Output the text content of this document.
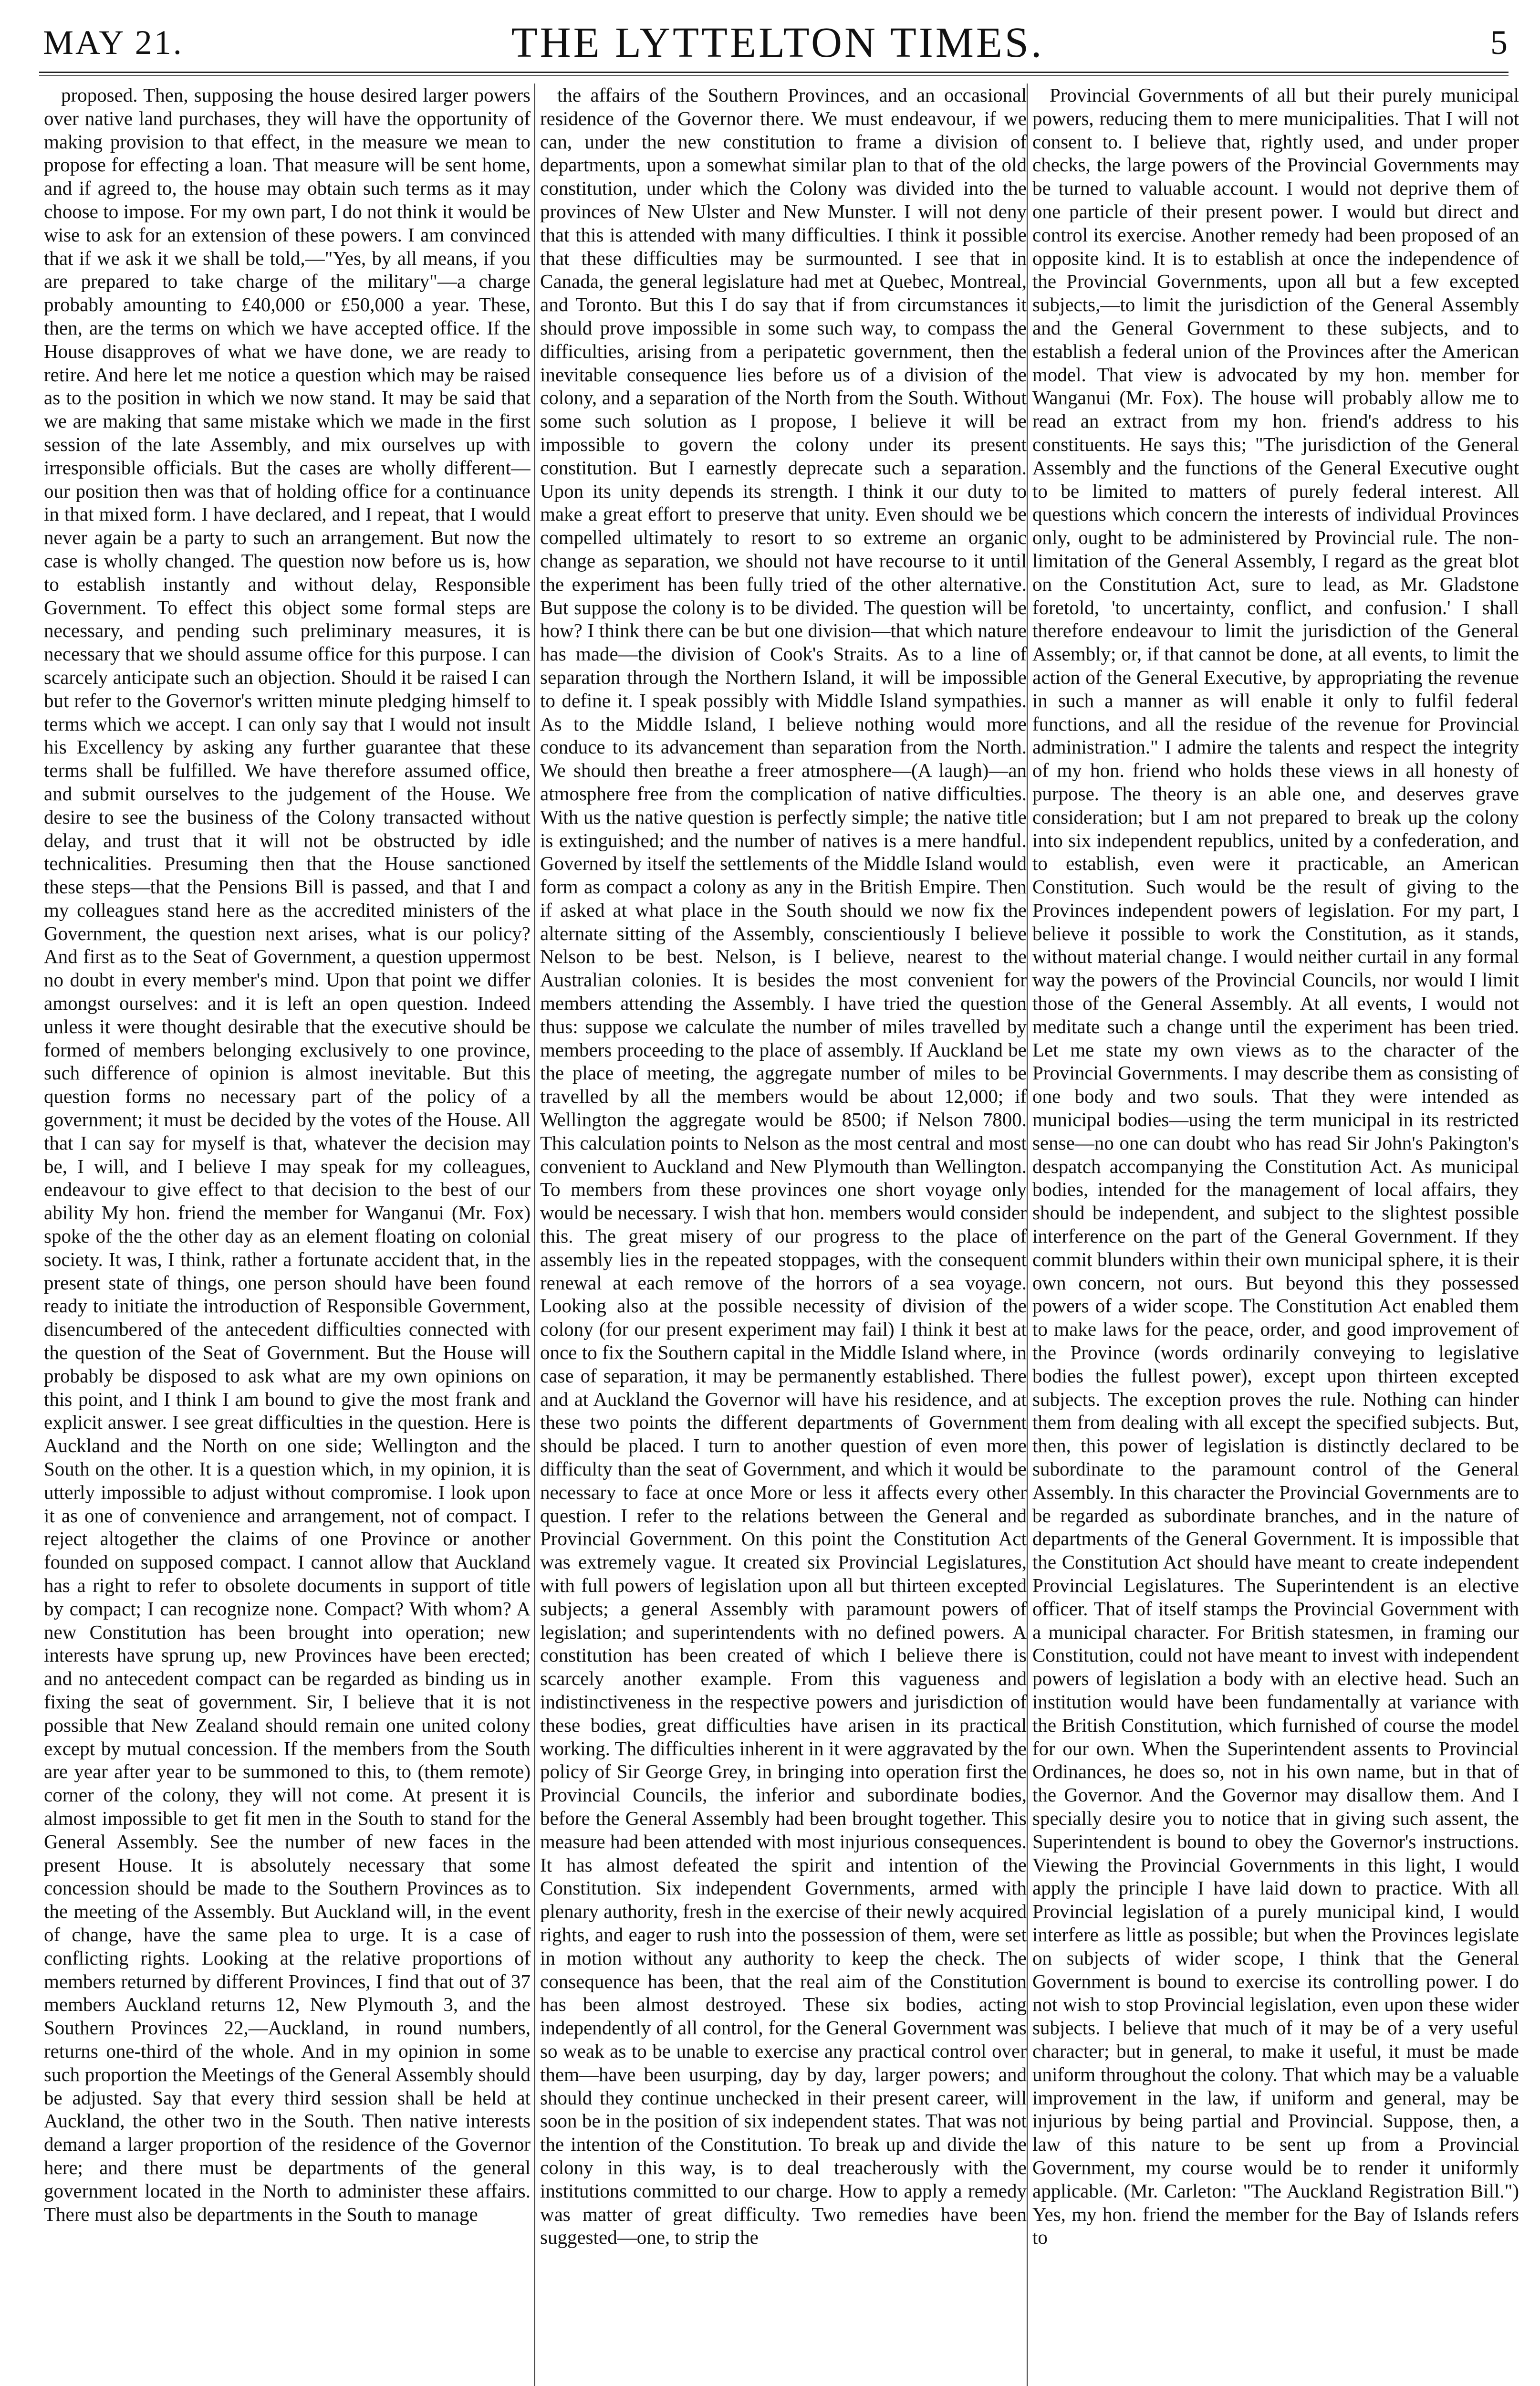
MAY 21.	THE LYTTELTON TIMES.	5

proposed. Then, supposing the house desired larger powers over native land purchases, they will have the opportunity of making provision to that effect, in the measure we mean to propose for effecting a loan. That measure will be sent home, and if agreed to, the house may obtain such terms as it may choose to impose. For my own part, I do not think it would be wise to ask for an extension of these powers. I am convinced that if we ask it we shall be told,—"Yes, by all means, if you are prepared to take charge of the military"—a charge probably amounting to £40,000 or £50,000 a year. These, then, are the terms on which we have accepted office. If the House disapproves of what we have done, we are ready to retire. And here let me notice a question which may be raised as to the position in which we now stand. It may be said that we are making that same mistake which we made in the first session of the late Assembly, and mix ourselves up with irresponsible officials. But the cases are wholly different—our position then was that of holding office for a continuance in that mixed form. I have declared, and I repeat, that I would never again be a party to such an arrangement. But now the case is wholly changed. The question now before us is, how to establish instantly and without delay, Responsible Government. To effect this object some formal steps are necessary, and pending such preliminary measures, it is necessary that we should assume office for this purpose. I can scarcely anticipate such an objection. Should it be raised I can but refer to the Governor's written minute pledging himself to terms which we accept. I can only say that I would not insult his Excellency by asking any further guarantee that these terms shall be fulfilled. We have therefore assumed office, and submit ourselves to the judgement of the House. We desire to see the business of the Colony transacted without delay, and trust that it will not be obstructed by idle technicalities. Presuming then that the House sanctioned these steps—that the Pensions Bill is passed, and that I and my colleagues stand here as the accredited ministers of the Government, the question next arises, what is our policy? And first as to the Seat of Government, a question uppermost no doubt in every member's mind. Upon that point we differ amongst ourselves: and it is left an open question. Indeed unless it were thought desirable that the executive should be formed of members belonging exclusively to one province, such difference of opinion is almost inevitable. But this question forms no necessary part of the policy of a government; it must be decided by the votes of the House. All that I can say for myself is that, whatever the decision may be, I will, and I believe I may speak for my colleagues, endeavour to give effect to that decision to the best of our ability My hon. friend the member for Wanganui (Mr. Fox) spoke of the the other day as an element floating on colonial society. It was, I think, rather a fortunate accident that, in the present state of things, one person should have been found ready to initiate the introduction of Responsible Government, disencumbered of the antecedent difficulties connected with the question of the Seat of Government. But the House will probably be disposed to ask what are my own opinions on this point, and I think I am bound to give the most frank and explicit answer. I see great difficulties in the question. Here is Auckland and the North on one side; Wellington and the South on the other. It is a question which, in my opinion, it is utterly impossible to adjust without compromise. I look upon it as one of convenience and arrangement, not of compact. I reject altogether the claims of one Province or another founded on supposed compact. I cannot allow that Auckland has a right to refer to obsolete documents in support of title by compact; I can recognize none. Compact? With whom? A new Constitution has been brought into operation; new interests have sprung up, new Provinces have been erected; and no antecedent compact can be regarded as binding us in fixing the seat of government. Sir, I believe that it is not possible that New Zealand should remain one united colony except by mutual concession. If the members from the South are year after year to be summoned to this, to (them remote) corner of the colony, they will not come. At present it is almost impossible to get fit men in the South to stand for the General Assembly. See the number of new faces in the present House. It is absolutely necessary that some concession should be made to the Southern Provinces as to the meeting of the Assembly. But Auckland will, in the event of change, have the same plea to urge. It is a case of conflicting rights. Looking at the relative proportions of members returned by different Provinces, I find that out of 37 members Auckland returns 12, New Plymouth 3, and the Southern Provinces 22,—Auckland, in round numbers, returns one-third of the whole. And in my opinion in some such proportion the Meetings of the General Assembly should be adjusted. Say that every third session shall be held at Auckland, the other two in the South. Then native interests demand a larger proportion of the residence of the Governor here; and there must be departments of the general government located in the North to administer these affairs. There must also be departments in the South to manage

the affairs of the Southern Provinces, and an occasional residence of the Governor there. We must endeavour, if we can, under the new constitution to frame a division of departments, upon a somewhat similar plan to that of the old constitution, under which the Colony was divided into the provinces of New Ulster and New Munster. I will not deny that this is attended with many difficulties. I think it possible that these difficulties may be surmounted. I see that in Canada, the general legislature had met at Quebec, Montreal, and Toronto. But this I do say that if from circumstances it should prove impossible in some such way, to compass the difficulties, arising from a peripatetic government, then the inevitable consequence lies before us of a division of the colony, and a separation of the North from the South. Without some such solution as I propose, I believe it will be impossible to govern the colony under its present constitution. But I earnestly deprecate such a separation. Upon its unity depends its strength. I think it our duty to make a great effort to preserve that unity. Even should we be compelled ultimately to resort to so extreme an organic change as separation, we should not have recourse to it until the experiment has been fully tried of the other alternative. But suppose the colony is to be divided. The question will be how? I think there can be but one division—that which nature has made—the division of Cook's Straits. As to a line of separation through the Northern Island, it will be impossible to define it. I speak possibly with Middle Island sympathies. As to the Middle Island, I believe nothing would more conduce to its advancement than separation from the North. We should then breathe a freer atmosphere—(A laugh)—an atmosphere free from the complication of native difficulties. With us the native question is perfectly simple; the native title is extinguished; and the number of natives is a mere handful. Governed by itself the settlements of the Middle Island would form as compact a colony as any in the British Empire. Then if asked at what place in the South should we now fix the alternate sitting of the Assembly, conscientiously I believe Nelson to be best. Nelson, is I believe, nearest to the Australian colonies. It is besides the most convenient for members attending the Assembly. I have tried the question thus: suppose we calculate the number of miles travelled by members proceeding to the place of assembly. If Auckland be the place of meeting, the aggregate number of miles to be travelled by all the members would be about 12,000; if Wellington the aggregate would be 8500; if Nelson 7800. This calculation points to Nelson as the most central and most convenient to Auckland and New Plymouth than Wellington. To members from these provinces one short voyage only would be necessary. I wish that hon. members would consider this. The great misery of our progress to the place of assembly lies in the repeated stoppages, with the consequent renewal at each remove of the horrors of a sea voyage. Looking also at the possible necessity of division of the colony (for our present experiment may fail) I think it best at once to fix the Southern capital in the Middle Island where, in case of separation, it may be permanently established. There and at Auckland the Governor will have his residence, and at these two points the different departments of Government should be placed. I turn to another question of even more difficulty than the seat of Government, and which it would be necessary to face at once More or less it affects every other question. I refer to the relations between the General and Provincial Government. On this point the Constitution Act was extremely vague. It created six Provincial Legislatures, with full powers of legislation upon all but thirteen excepted subjects; a general Assembly with paramount powers of legislation; and superintendents with no defined powers. A constitution has been created of which I believe there is scarcely another example. From this vagueness and indistinctiveness in the respective powers and jurisdiction of these bodies, great difficulties have arisen in its practical working. The difficulties inherent in it were aggravated by the policy of Sir George Grey, in bringing into operation first the Provincial Councils, the inferior and subordinate bodies, before the General Assembly had been brought together. This measure had been attended with most injurious consequences. It has almost defeated the spirit and intention of the Constitution. Six independent Governments, armed with plenary authority, fresh in the exercise of their newly acquired rights, and eager to rush into the possession of them, were set in motion without any authority to keep the check. The consequence has been, that the real aim of the Constitution has been almost destroyed. These six bodies, acting independently of all control, for the General Government was so weak as to be unable to exercise any practical control over them—have been usurping, day by day, larger powers; and should they continue unchecked in their present career, will soon be in the position of six independent states. That was not the intention of the Constitution. To break up and divide the colony in this way, is to deal treacherously with the institutions committed to our charge. How to apply a remedy was matter of great difficulty. Two remedies have been suggested—one, to strip the

Provincial Governments of all but their purely municipal powers, reducing them to mere municipalities. That I will not consent to. I believe that, rightly used, and under proper checks, the large powers of the Provincial Governments may be turned to valuable account. I would not deprive them of one particle of their present power. I would but direct and control its exercise. Another remedy had been proposed of an opposite kind. It is to establish at once the independence of the Provincial Governments, upon all but a few excepted subjects,—to limit the jurisdiction of the General Assembly and the General Government to these subjects, and to establish a federal union of the Provinces after the American model. That view is advocated by my hon. member for Wanganui (Mr. Fox). The house will probably allow me to read an extract from my hon. friend's address to his constituents. He says this; "The jurisdiction of the General Assembly and the functions of the General Executive ought to be limited to matters of purely federal interest. All questions which concern the interests of individual Provinces only, ought to be administered by Provincial rule. The non-limitation of the General Assembly, I regard as the great blot on the Constitution Act, sure to lead, as Mr. Gladstone foretold, 'to uncertainty, conflict, and confusion.' I shall therefore endeavour to limit the jurisdiction of the General Assembly; or, if that cannot be done, at all events, to limit the action of the General Executive, by appropriating the revenue in such a manner as will enable it only to fulfil federal functions, and all the residue of the revenue for Provincial administration." I admire the talents and respect the integrity of my hon. friend who holds these views in all honesty of purpose. The theory is an able one, and deserves grave consideration; but I am not prepared to break up the colony into six independent republics, united by a confederation, and to establish, even were it practicable, an American Constitution. Such would be the result of giving to the Provinces independent powers of legislation. For my part, I believe it possible to work the Constitution, as it stands, without material change. I would neither curtail in any formal way the powers of the Provincial Councils, nor would I limit those of the General Assembly. At all events, I would not meditate such a change until the experiment has been tried. Let me state my own views as to the character of the Provincial Governments. I may describe them as consisting of one body and two souls. That they were intended as municipal bodies—using the term municipal in its restricted sense—no one can doubt who has read Sir John's Pakington's despatch accompanying the Constitution Act. As municipal bodies, intended for the management of local affairs, they should be independent, and subject to the slightest possible interference on the part of the General Government. If they commit blunders within their own municipal sphere, it is their own concern, not ours. But beyond this they possessed powers of a wider scope. The Constitution Act enabled them to make laws for the peace, order, and good improvement of the Province (words ordinarily conveying to legislative bodies the fullest power), except upon thirteen excepted subjects. The exception proves the rule. Nothing can hinder them from dealing with all except the specified subjects. But, then, this power of legislation is distinctly declared to be subordinate to the paramount control of the General Assembly. In this character the Provincial Governments are to be regarded as subordinate branches, and in the nature of departments of the General Government. It is impossible that the Constitution Act should have meant to create independent Provincial Legislatures. The Superintendent is an elective officer. That of itself stamps the Provincial Government with a municipal character. For British statesmen, in framing our Constitution, could not have meant to invest with independent powers of legislation a body with an elective head. Such an institution would have been fundamentally at variance with the British Constitution, which furnished of course the model for our own. When the Superintendent assents to Provincial Ordinances, he does so, not in his own name, but in that of the Governor. And the Governor may disallow them. And I specially desire you to notice that in giving such assent, the Superintendent is bound to obey the Governor's instructions. Viewing the Provincial Governments in this light, I would apply the principle I have laid down to practice. With all Provincial legislation of a purely municipal kind, I would interfere as little as possible; but when the Provinces legislate on subjects of wider scope, I think that the General Government is bound to exercise its controlling power. I do not wish to stop Provincial legislation, even upon these wider subjects. I believe that much of it may be of a very useful character; but in general, to make it useful, it must be made uniform throughout the colony. That which may be a valuable improvement in the law, if uniform and general, may be injurious by being partial and Provincial. Suppose, then, a law of this nature to be sent up from a Provincial Government, my course would be to render it uniformly applicable. (Mr. Carleton: "The Auckland Registration Bill.") Yes, my hon. friend the member for the Bay of Islands refers to
